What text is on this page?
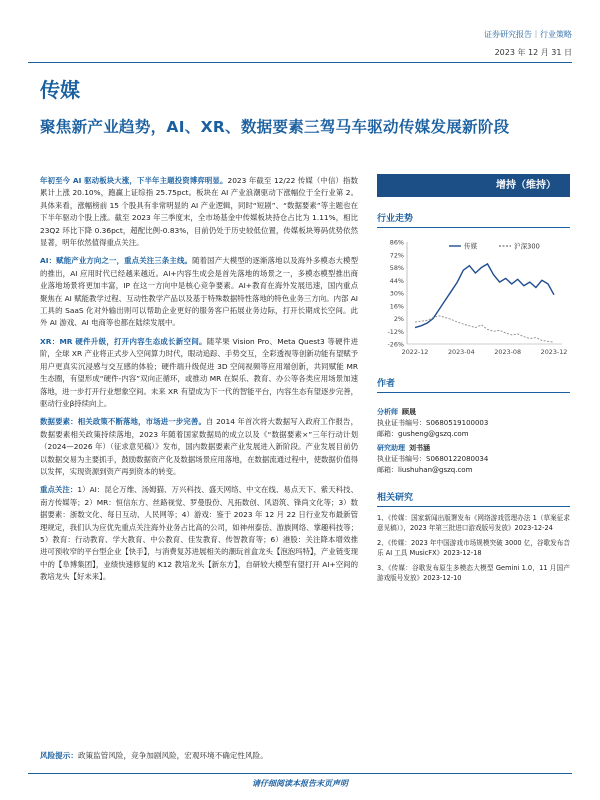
证券研究报告｜行业策略
2023 年 12 月 31 日
传媒
聚焦新产业趋势，AI、XR、数据要素三驾马车驱动传媒发展新阶段
年初至今 AI 驱动板块大涨，下半年主题投资博弈明显。2023 年截至 12/22 传媒（中信）指数累计上涨 20.10%，跑赢上证综指 25.75pct。板块在 AI 产业浪潮驱动下涨幅位于全行业第 2。具体来看，涨幅榜前 15 个股具有非常明显的 AI 产业逻辑，同时“短剧”、“数据要素”等主题也在下半年驱动个股上涨。截至 2023 年三季度末，全市场基金中传媒板块持仓占比为 1.11%，相比 23Q2 环比下降 0.36pct，超配比例-0.83%，目前仍处于历史较低位置，传媒板块筹码优势依然显著，明年依然值得重点关注。
AI：赋能产业方向之一，重点关注三条主线。随着国产大模型的逐渐落地以及海外多模态大模型的推出，AI 应用时代已经越来越近。AI+内容生成会是首先落地的场景之一，多模态模型推出商业落地场景将更加丰富，IP 在这一方向中是核心竞争要素。AI+教育在海外发展迅速，国内重点聚焦在 AI 赋能教学过程、互动性教学产品以及基于特殊数据特性落地的特色业务三方向。内部 AI 工具的 SaaS 化对外输出则可以帮助企业更好的服务客户拓展业务边际，打开长期成长空间。此外 AI 游戏、AI 电商等也都在陆续发展中。
XR：MR 硬件升级，打开内容生态成长新空间。随苹果 Vision Pro、Meta Quest3 等硬件进阶，全球 XR 产业将正式步入空间算力时代，眼动追踪、手势交互，全彩透视等创新功能有望赋予用户更真实沉浸感与交互感的体验；硬件端升级促进 3D 空间视频等应用端创新，共同赋能 MR 生态圈，有望形成“硬件-内容”双向正循环，或推动 MR 在娱乐、教育、办公等各类应用场景加速落地，进一步打开行业想象空间。未来 XR 有望成为下一代的智能平台，内容生态有望逐步完善，驱动行业β持续向上。
数据要素：相关政策不断落地，市场进一步完善。自 2014 年首次将大数据写入政府工作报告，数据要素相关政策持续落地，2023 年随着国家数据局的成立以及《“数据要素×”三年行动计划（2024—2026 年）（征求意见稿）》发布，国内数据要素产业发展进入新阶段。产业发展目前仍以数据交易为主要抓手，鼓励数据资产化及数据场景应用落地，在数据流通过程中，使数据价值得以发挥，实现资源到资产再到资本的转变。
重点关注：1）AI：昆仑万维、汤姆猫、万兴科技、盛天网络、中文在线、易点天下、紫天科技、南方传媒等；2）MR：恒信东方、丝路视觉、罗曼股份、凡拓数创、风语筑、锋尚文化等；3）数据要素：浙数文化、每日互动、人民网等；4）游戏：鉴于 2023 年 12 月 22 日行业发布最新管理规定，我们认为应优先重点关注海外业务占比高的公司，如神州泰岳、游族网络、掌趣科技等；5）教育：行动教育、学大教育、中公教育、佳发教育、传智教育等；6）港股：关注降本增效推进可预收窄的平台型企业【快手】，与消费复苏进展相关的潮玩首盒龙头【泡泡玛特】，产业链变现中的【阜博集团】，业绩快速修复的 K12 教培龙头【新东方】，自研较大模型有望打开 AI+空间的教培龙头【好未来】。
风险提示：政策监管风险，竞争加剧风险，宏观环境不确定性风险。
请仔细阅读本报告末页声明
增持（维持）
行业走势
86%
72%
58%
44%
30%
16%
2%
-12%
-26%
2022-12	2023-04	2023-08	2023-12
传媒	沪深300
作者
分析师 顾晟
执业证书编号：S0680519100003
邮箱：gusheng@gszq.com
研究助理 刘书涵
执业证书编号：S0680122080034
邮箱：liushuhan@gszq.com
相关研究
1、《传媒：国家新闻出版署发布《网络游戏管理办法 1（草案征求意见稿）》，2023 年第三批进口游戏版号发放》2023-12-24
2、《传媒：2023 年中国游戏市场规模突破 3000 亿，谷歌发布音乐 AI 工具 MusicFX》2023-12-18
3、《传媒：谷歌发布原生多模态大模型 Gemini 1.0，11 月国产游戏版号发放》2023-12-10
